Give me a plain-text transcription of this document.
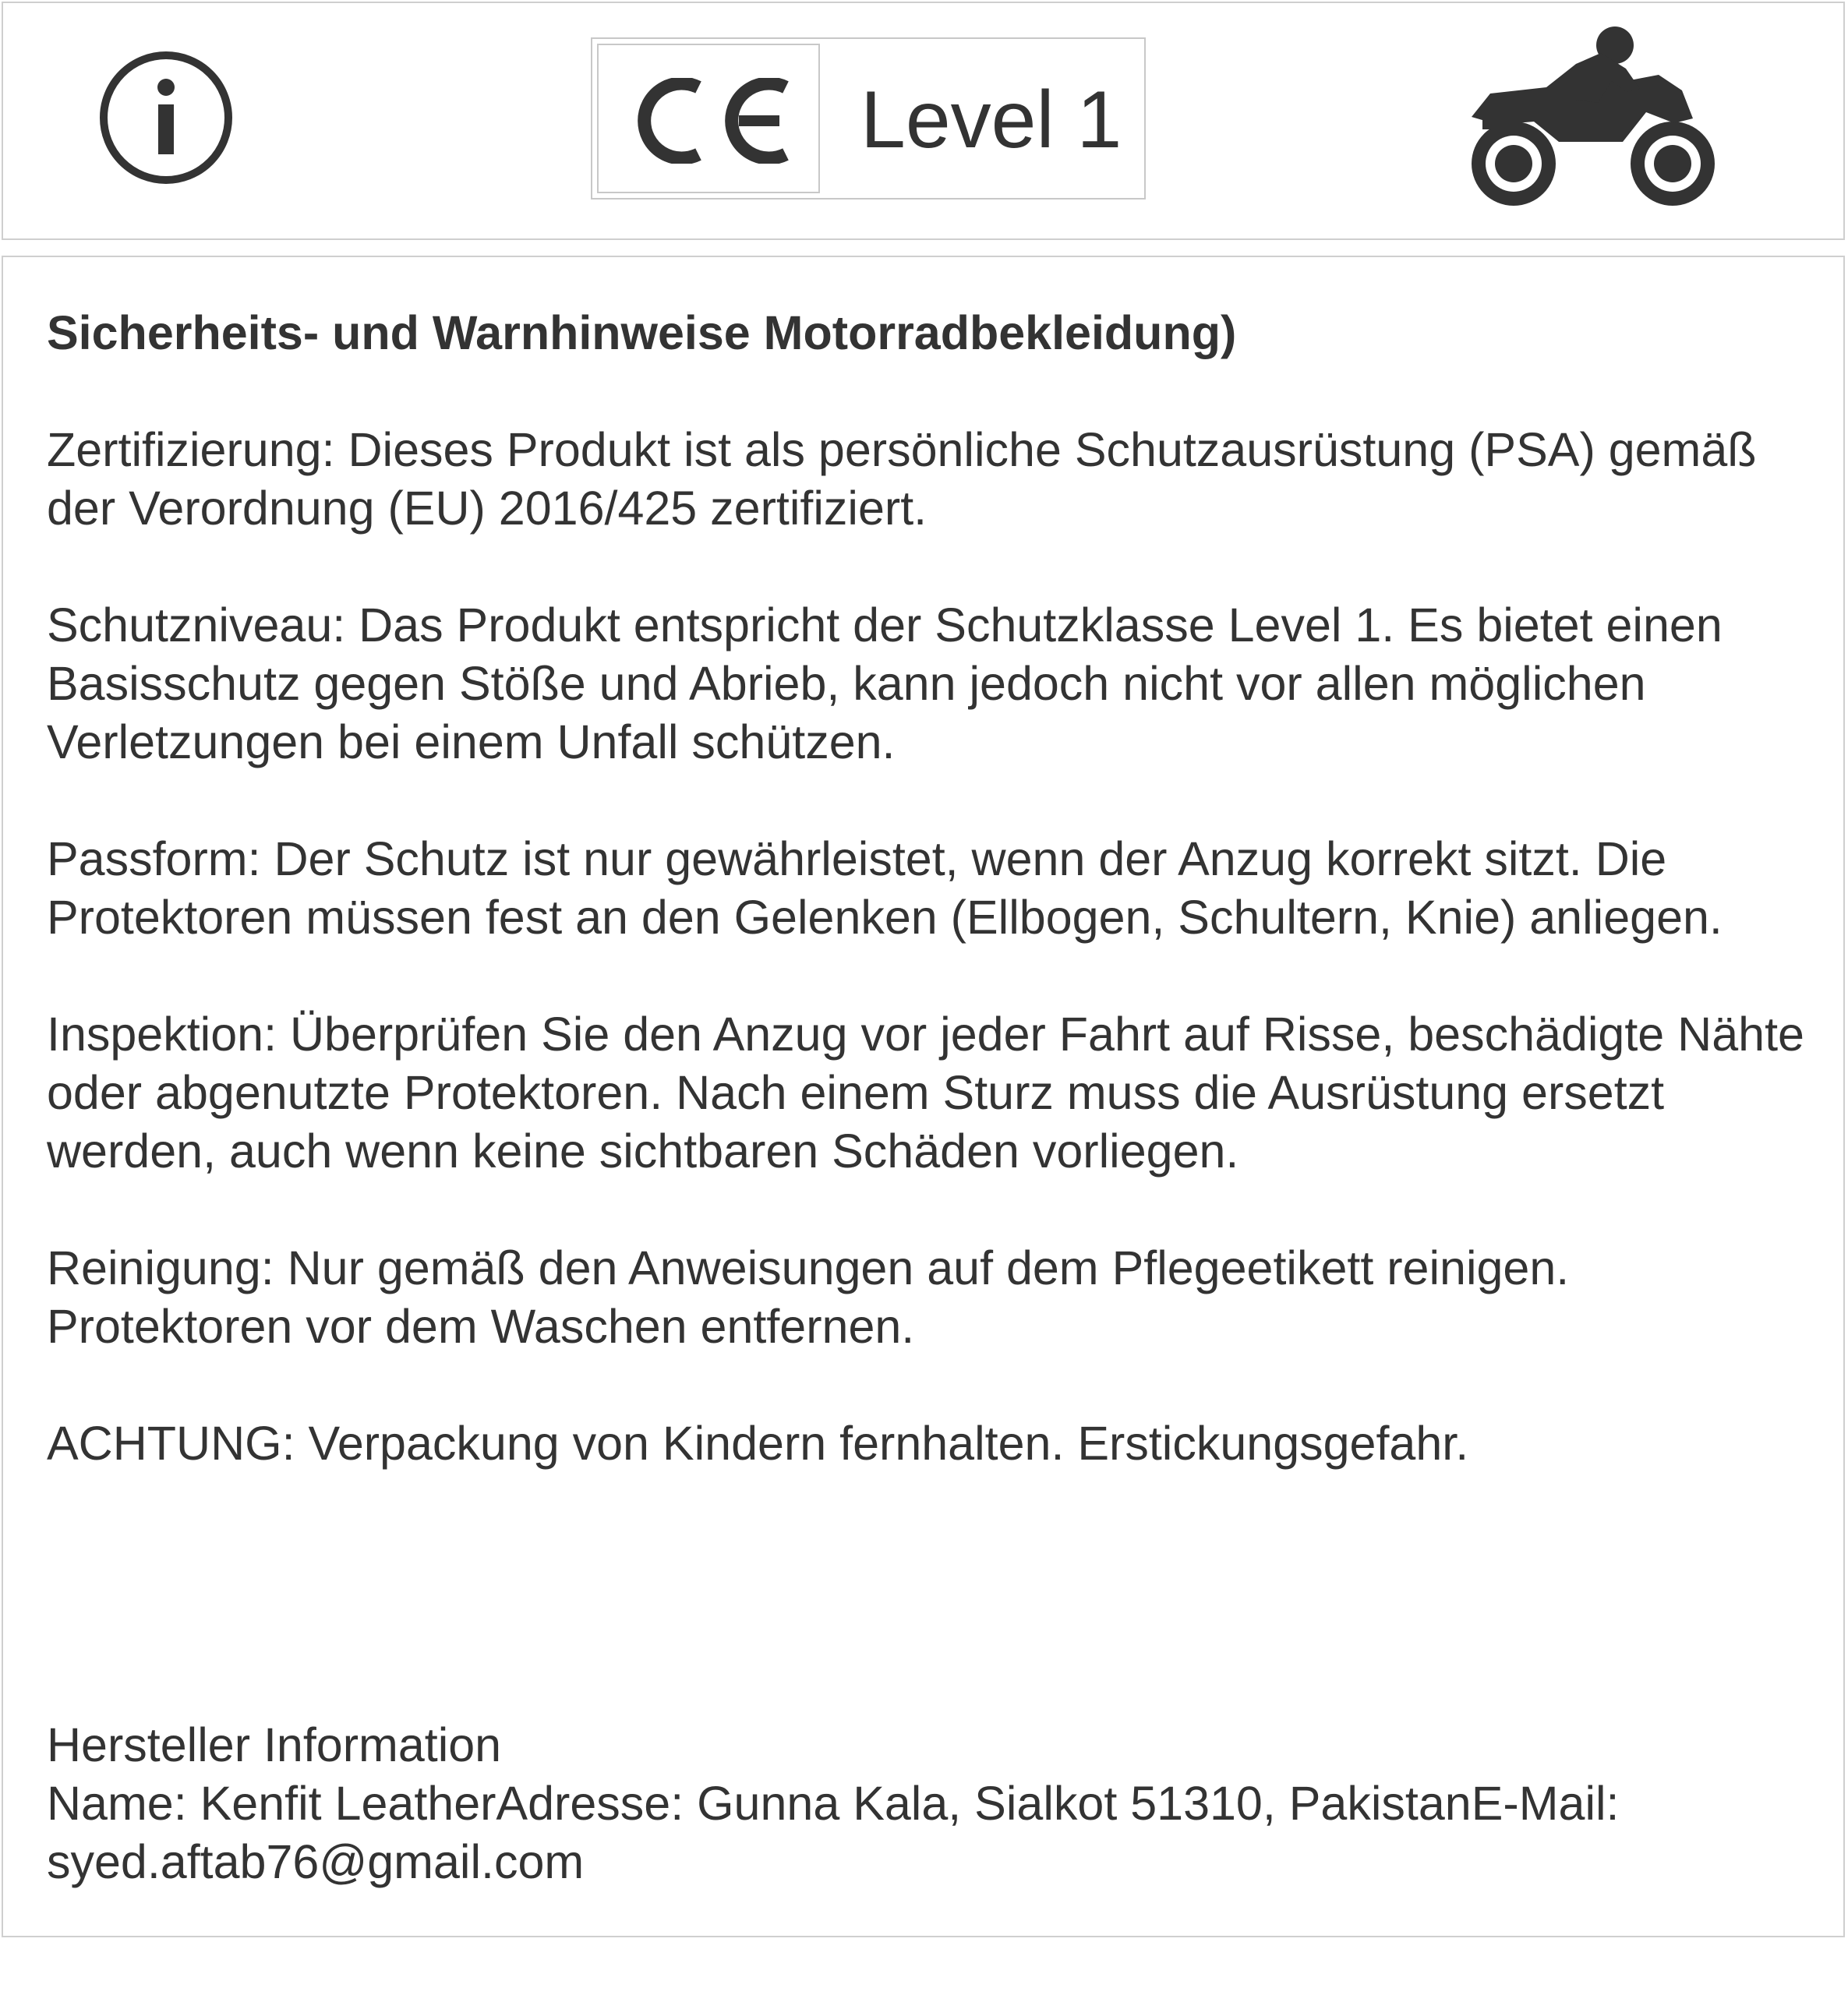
Level 1

Sicherheits- und Warnhinweise Motorradbekleidung)

Zertifizierung: Dieses Produkt ist als persönliche Schutzausrüstung (PSA) gemäß der Verordnung (EU) 2016/425 zertifiziert.

Schutzniveau: Das Produkt entspricht der Schutzklasse Level 1. Es bietet einen Basisschutz gegen Stöße und Abrieb, kann jedoch nicht vor allen möglichen Verletzungen bei einem Unfall schützen.

Passform: Der Schutz ist nur gewährleistet, wenn der Anzug korrekt sitzt. Die Protektoren müssen fest an den Gelenken (Ellbogen, Schultern, Knie) anliegen.

Inspektion: Überprüfen Sie den Anzug vor jeder Fahrt auf Risse, beschädigte Nähte oder abgenutzte Protektoren. Nach einem Sturz muss die Ausrüstung ersetzt werden, auch wenn keine sichtbaren Schäden vorliegen.

Reinigung: Nur gemäß den Anweisungen auf dem Pflegeetikett reinigen. Protektoren vor dem Waschen entfernen.

ACHTUNG: Verpackung von Kindern fernhalten. Erstickungsgefahr.

Hersteller Information
Name: Kenfit LeatherAdresse: Gunna Kala, Sialkot 51310, PakistanE-Mail: syed.aftab76@gmail.com
